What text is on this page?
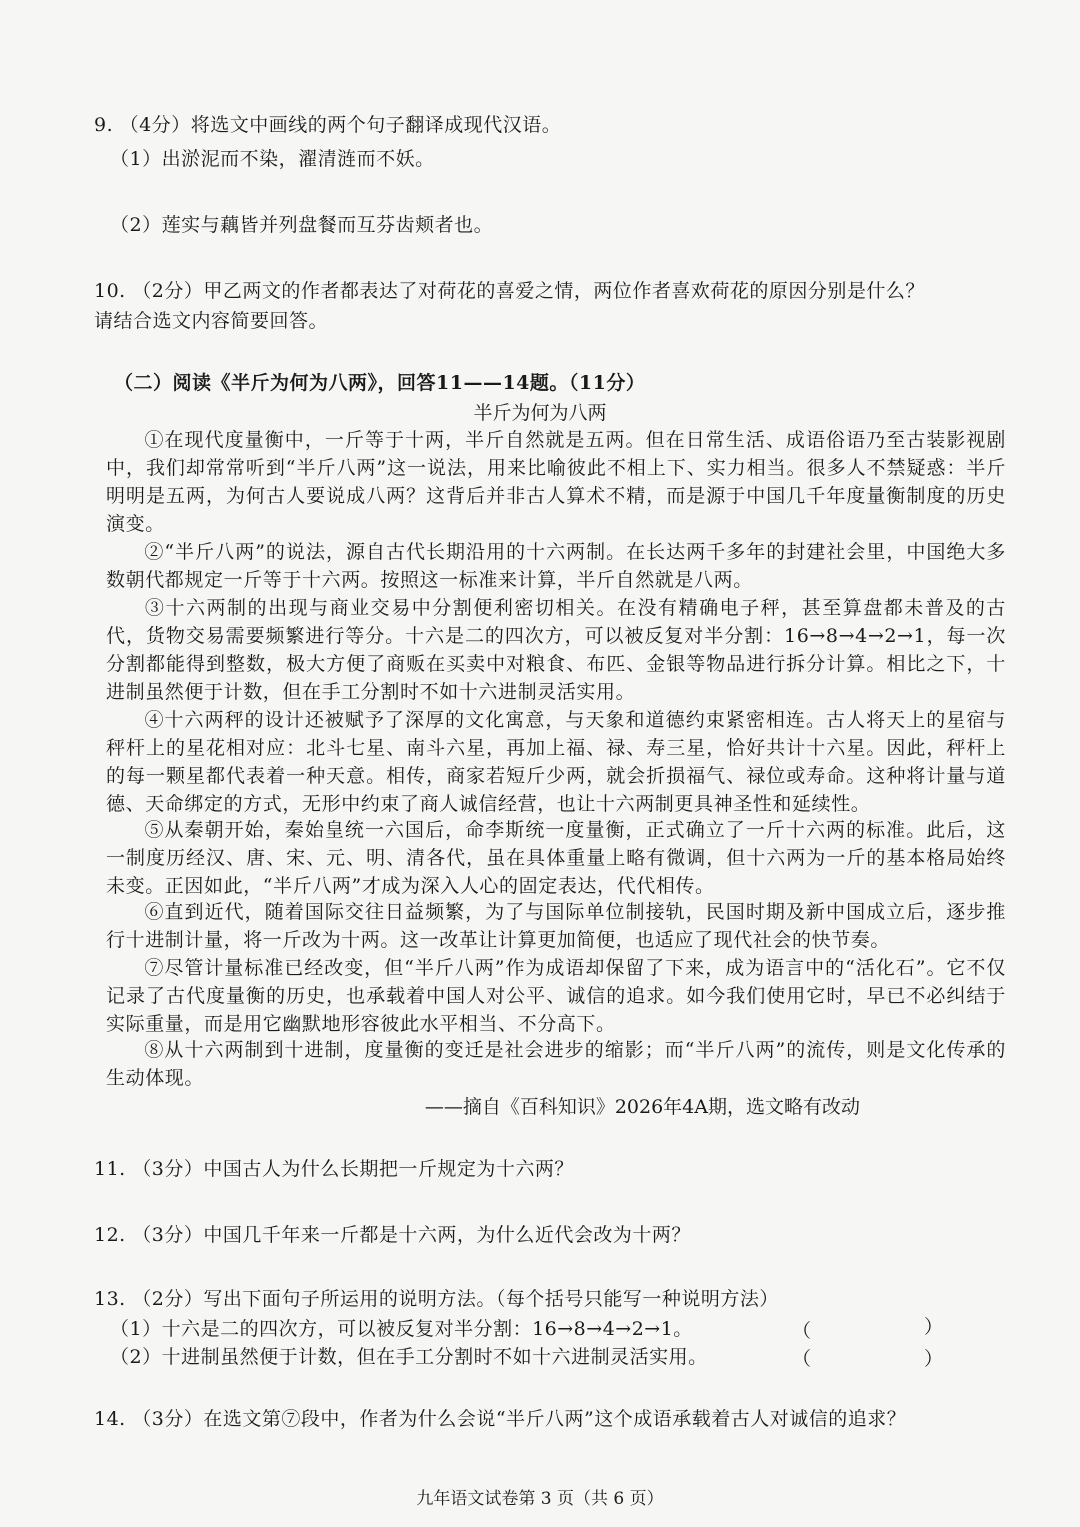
9. （4分）将选文中画线的两个句子翻译成现代汉语。
（1）出淤泥而不染，濯清涟而不妖。
（2）莲实与藕皆并列盘餐而互芬齿颊者也。
10. （2分）甲乙两文的作者都表达了对荷花的喜爱之情，两位作者喜欢荷花的原因分别是什么？
请结合选文内容简要回答。
（二）阅读《半斤为何为八两》，回答11——14题。（11分）
半斤为何为八两
①在现代度量衡中，一斤等于十两，半斤自然就是五两。但在日常生活、成语俗语乃至古装影视剧中，我们却常常听到“半斤八两”这一说法，用来比喻彼此不相上下、实力相当。很多人不禁疑惑：半斤明明是五两，为何古人要说成八两？这背后并非古人算术不精，而是源于中国几千年度量衡制度的历史演变。
②“半斤八两”的说法，源自古代长期沿用的十六两制。在长达两千多年的封建社会里，中国绝大多数朝代都规定一斤等于十六两。按照这一标准来计算，半斤自然就是八两。
③十六两制的出现与商业交易中分割便利密切相关。在没有精确电子秤，甚至算盘都未普及的古代，货物交易需要频繁进行等分。十六是二的四次方，可以被反复对半分割：16→8→4→2→1，每一次分割都能得到整数，极大方便了商贩在买卖中对粮食、布匹、金银等物品进行拆分计算。相比之下，十进制虽然便于计数，但在手工分割时不如十六进制灵活实用。
④十六两秤的设计还被赋予了深厚的文化寓意，与天象和道德约束紧密相连。古人将天上的星宿与秤杆上的星花相对应：北斗七星、南斗六星，再加上福、禄、寿三星，恰好共计十六星。因此，秤杆上的每一颗星都代表着一种天意。相传，商家若短斤少两，就会折损福气、禄位或寿命。这种将计量与道德、天命绑定的方式，无形中约束了商人诚信经营，也让十六两制更具神圣性和延续性。
⑤从秦朝开始，秦始皇统一六国后，命李斯统一度量衡，正式确立了一斤十六两的标准。此后，这一制度历经汉、唐、宋、元、明、清各代，虽在具体重量上略有微调，但十六两为一斤的基本格局始终未变。正因如此，“半斤八两”才成为深入人心的固定表达，代代相传。
⑥直到近代，随着国际交往日益频繁，为了与国际单位制接轨，民国时期及新中国成立后，逐步推行十进制计量，将一斤改为十两。这一改革让计算更加简便，也适应了现代社会的快节奏。
⑦尽管计量标准已经改变，但“半斤八两”作为成语却保留了下来，成为语言中的“活化石”。它不仅记录了古代度量衡的历史，也承载着中国人对公平、诚信的追求。如今我们使用它时，早已不必纠结于实际重量，而是用它幽默地形容彼此水平相当、不分高下。
⑧从十六两制到十进制，度量衡的变迁是社会进步的缩影；而“半斤八两”的流传，则是文化传承的生动体现。
——摘自《百科知识》2026年4A期，选文略有改动
11. （3分）中国古人为什么长期把一斤规定为十六两？
12. （3分）中国几千年来一斤都是十六两，为什么近代会改为十两？
13. （2分）写出下面句子所运用的说明方法。（每个括号只能写一种说明方法）
（1）十六是二的四次方，可以被反复对半分割：16→8→4→2→1。	（	）
（2）十进制虽然便于计数，但在手工分割时不如十六进制灵活实用。	（	）
14. （3分）在选文第⑦段中，作者为什么会说“半斤八两”这个成语承载着古人对诚信的追求？
九年语文试卷第 3 页（共 6 页）
